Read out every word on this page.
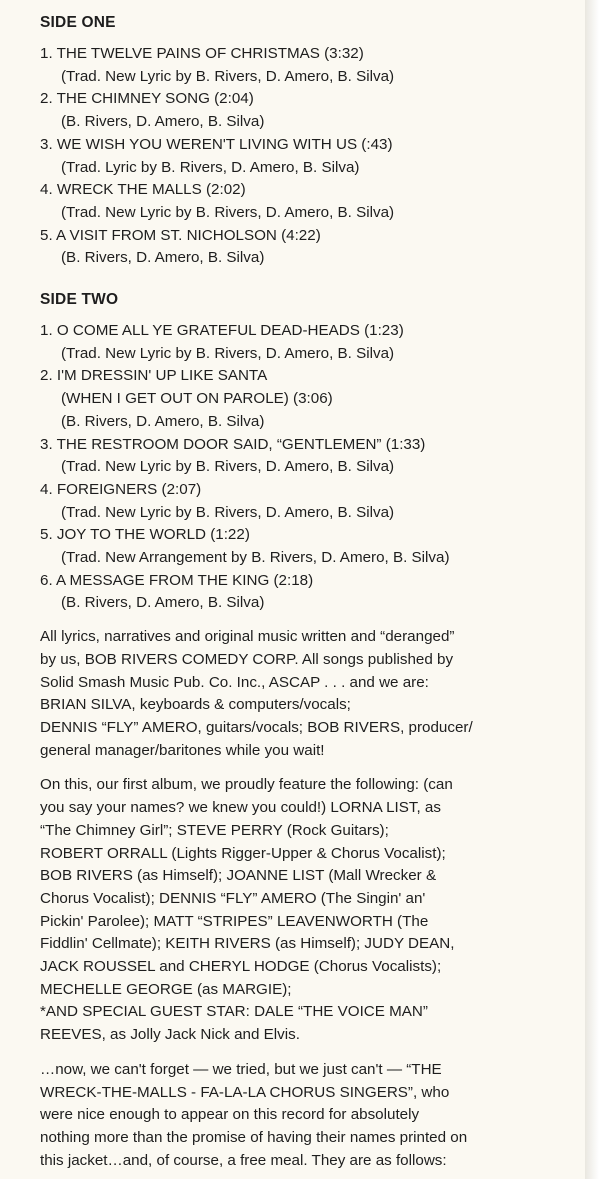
SIDE ONE
1. THE TWELVE PAINS OF CHRISTMAS (3:32)
(Trad. New Lyric by B. Rivers, D. Amero, B. Silva)
2. THE CHIMNEY SONG (2:04)
(B. Rivers, D. Amero, B. Silva)
3. WE WISH YOU WEREN'T LIVING WITH US (:43)
(Trad. Lyric by B. Rivers, D. Amero, B. Silva)
4. WRECK THE MALLS (2:02)
(Trad. New Lyric by B. Rivers, D. Amero, B. Silva)
5. A VISIT FROM ST. NICHOLSON (4:22)
(B. Rivers, D. Amero, B. Silva)
SIDE TWO
1. O COME ALL YE GRATEFUL DEAD-HEADS (1:23)
(Trad. New Lyric by B. Rivers, D. Amero, B. Silva)
2. I'M DRESSIN' UP LIKE SANTA
(WHEN I GET OUT ON PAROLE) (3:06)
(B. Rivers, D. Amero, B. Silva)
3. THE RESTROOM DOOR SAID, “GENTLEMEN” (1:33)
(Trad. New Lyric by B. Rivers, D. Amero, B. Silva)
4. FOREIGNERS (2:07)
(Trad. New Lyric by B. Rivers, D. Amero, B. Silva)
5. JOY TO THE WORLD (1:22)
(Trad. New Arrangement by B. Rivers, D. Amero, B. Silva)
6. A MESSAGE FROM THE KING (2:18)
(B. Rivers, D. Amero, B. Silva)

All lyrics, narratives and original music written and “deranged”
by us, BOB RIVERS COMEDY CORP. All songs published by
Solid Smash Music Pub. Co. Inc., ASCAP . . . and we are:
BRIAN SILVA, keyboards & computers/vocals;
DENNIS “FLY” AMERO, guitars/vocals; BOB RIVERS, producer/
general manager/baritones while you wait!

On this, our first album, we proudly feature the following: (can
you say your names? we knew you could!) LORNA LIST, as
“The Chimney Girl”; STEVE PERRY (Rock Guitars);
ROBERT ORRALL (Lights Rigger-Upper & Chorus Vocalist);
BOB RIVERS (as Himself); JOANNE LIST (Mall Wrecker &
Chorus Vocalist); DENNIS “FLY” AMERO (The Singin' an'
Pickin' Parolee); MATT “STRIPES” LEAVENWORTH (The
Fiddlin' Cellmate); KEITH RIVERS (as Himself); JUDY DEAN,
JACK ROUSSEL and CHERYL HODGE (Chorus Vocalists);
MECHELLE GEORGE (as MARGIE);
*AND SPECIAL GUEST STAR: DALE “THE VOICE MAN”
REEVES, as Jolly Jack Nick and Elvis.

…now, we can't forget — we tried, but we just can't — “THE
WRECK-THE-MALLS - FA-LA-LA CHORUS SINGERS”, who
were nice enough to appear on this record for absolutely
nothing more than the promise of having their names printed on
this jacket…and, of course, a free meal. They are as follows:
